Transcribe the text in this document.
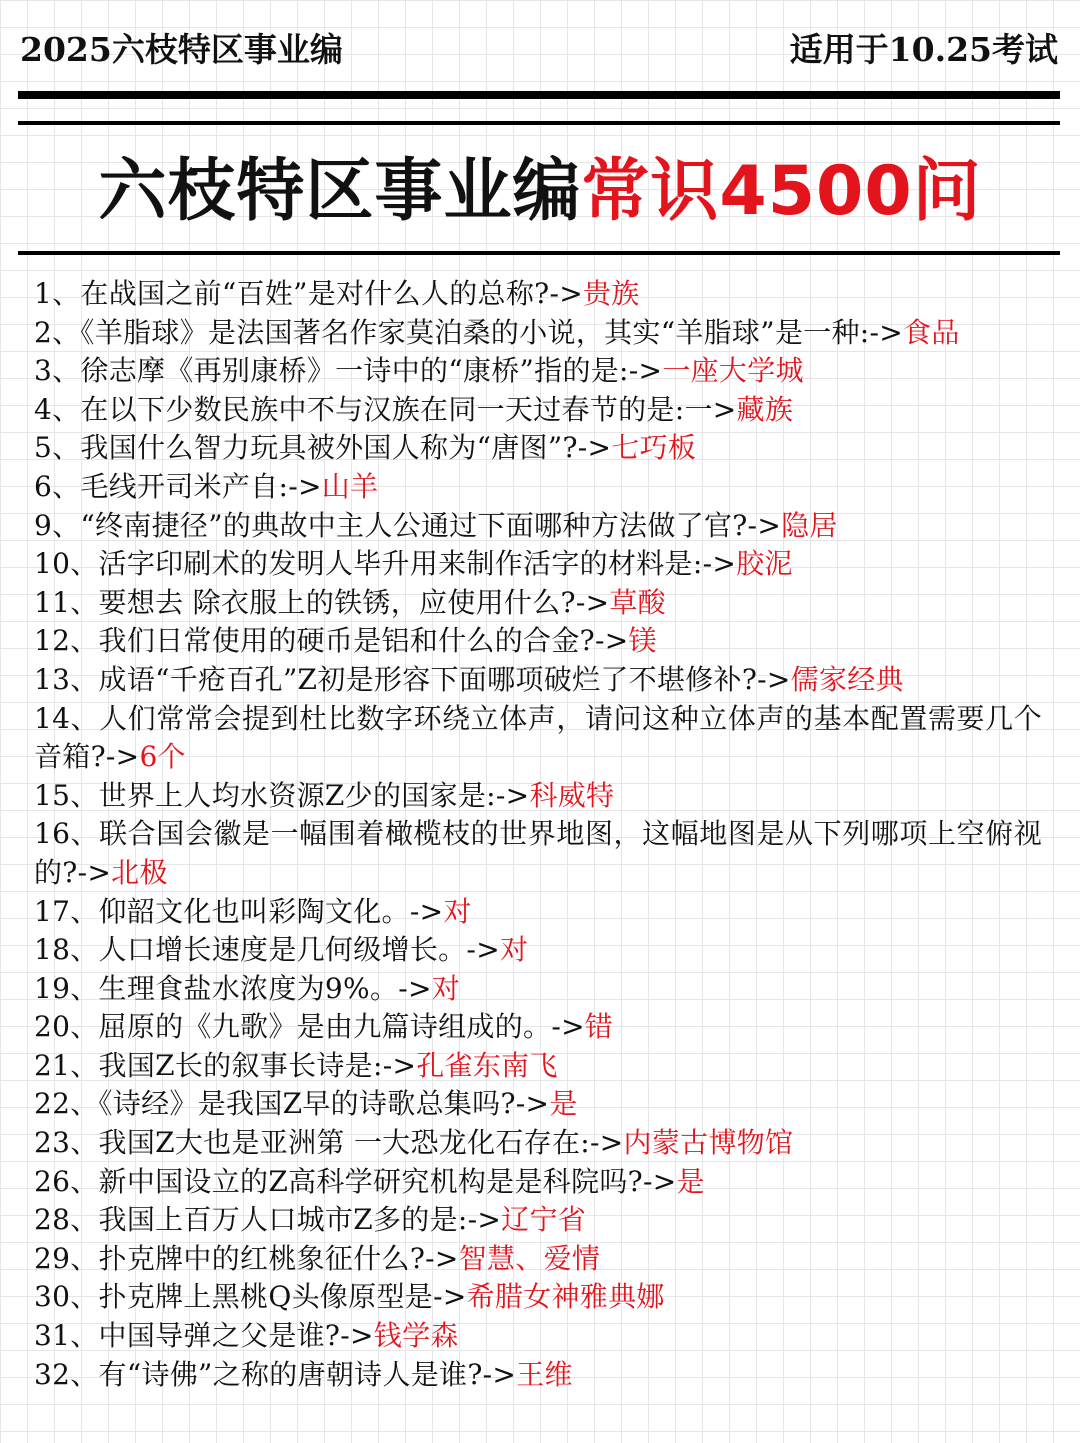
2025六枝特区事业编	适用于10.25考试
六枝特区事业编常识4500问
1、在战国之前“百姓”是对什么人的总称?->贵族
2、《羊脂球》是法国著名作家莫泊桑的小说，其实“羊脂球”是一种:->食品
3、徐志摩《再别康桥》一诗中的“康桥”指的是:->一座大学城
4、在以下少数民族中不与汉族在同一天过春节的是:一>藏族
5、我国什么智力玩具被外国人称为“唐图”?->七巧板
6、毛线开司米产自:->山羊
9、“终南捷径”的典故中主人公通过下面哪种方法做了官?->隐居
10、活字印刷术的发明人毕升用来制作活字的材料是:->胶泥
11、要想去 除衣服上的铁锈，应使用什么?->草酸
12、我们日常使用的硬币是铝和什么的合金?->镁
13、成语“千疮百孔”Z初是形容下面哪项破烂了不堪修补?->儒家经典
14、人们常常会提到杜比数字环绕立体声，请问这种立体声的基本配置需要几个音箱?->6个
15、世界上人均水资源Z少的国家是:->科威特
16、联合国会徽是一幅围着橄榄枝的世界地图，这幅地图是从下列哪项上空俯视的?->北极
17、仰韶文化也叫彩陶文化。->对
18、人口增长速度是几何级增长。->对
19、生理食盐水浓度为9%。->对
20、屈原的《九歌》是由九篇诗组成的。->错
21、我国Z长的叙事长诗是:->孔雀东南飞
22、《诗经》是我国Z早的诗歌总集吗?->是
23、我国Z大也是亚洲第 一大恐龙化石存在:->内蒙古博物馆
26、新中国设立的Z高科学研究机构是是科院吗?->是
28、我国上百万人口城市Z多的是:->辽宁省
29、扑克牌中的红桃象征什么?->智慧、爱情
30、扑克牌上黑桃Q头像原型是->希腊女神雅典娜
31、中国导弹之父是谁?->钱学森
32、有“诗佛”之称的唐朝诗人是谁?->王维
